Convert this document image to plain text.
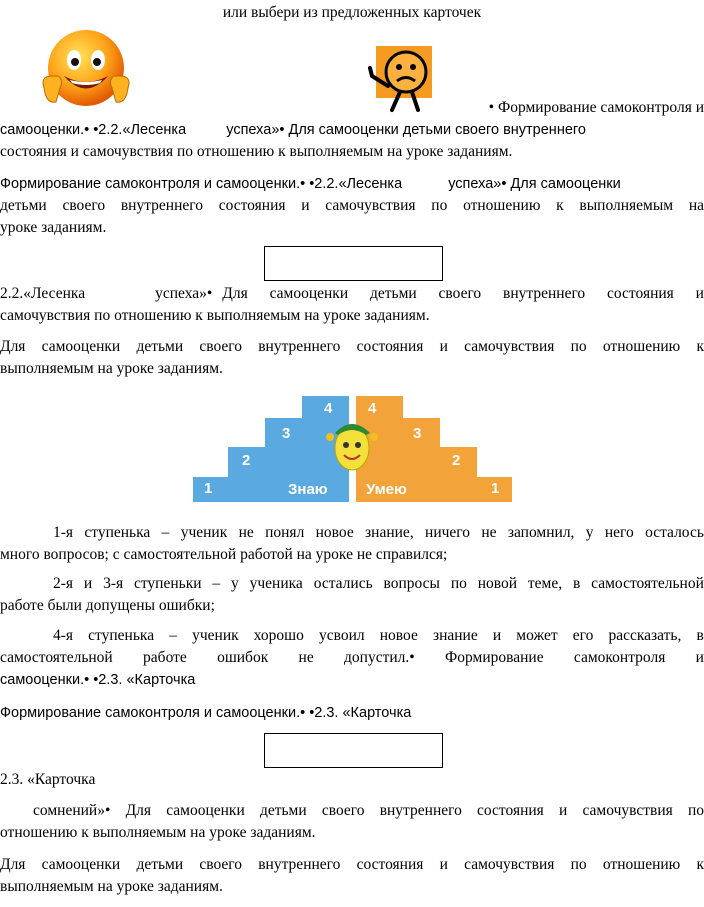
или выбери из предложенных карточек
• Формирование самоконтроля и
самооценки.• •2.2.«Лесенка	успеха»• Для самооценки детьми своего внутреннего
состояния и самочувствия по отношению к выполняемым на уроке заданиям.
Формирование самоконтроля и самооценки.• •2.2.«Лесенка	успеха»• Для самооценки
детьми своего внутреннего состояния и самочувствия по отношению к выполняемым на
уроке заданиям.
2.2.«Лесенка	успеха»• Для самооценки детьми своего внутреннего состояния и
самочувствия по отношению к выполняемым на уроке заданиям.
Для самооценки детьми своего внутреннего состояния и самочувствия по отношению к
выполняемым на уроке заданиям.
1
2
3
4 4
3
2
1
Знаю	Умею
1-я ступенька – ученик не понял новое знание, ничего не запомнил, у него осталось
много вопросов; с самостоятельной работой на уроке не справился;
2-я и 3-я ступеньки – у ученика остались вопросы по новой теме, в самостоятельной
работе были допущены ошибки;
4-я ступенька – ученик хорошо усвоил новое знание и может его рассказать, в
самостоятельной работе ошибок не допустил.• Формирование самоконтроля и
самооценки.• •2.3. «Карточка
Формирование самоконтроля и самооценки.• •2.3. «Карточка
2.3. «Карточка
сомнений»• Для самооценки детьми своего внутреннего состояния и самочувствия по
отношению к выполняемым на уроке заданиям.
Для самооценки детьми своего внутреннего состояния и самочувствия по отношению к
выполняемым на уроке заданиям.
